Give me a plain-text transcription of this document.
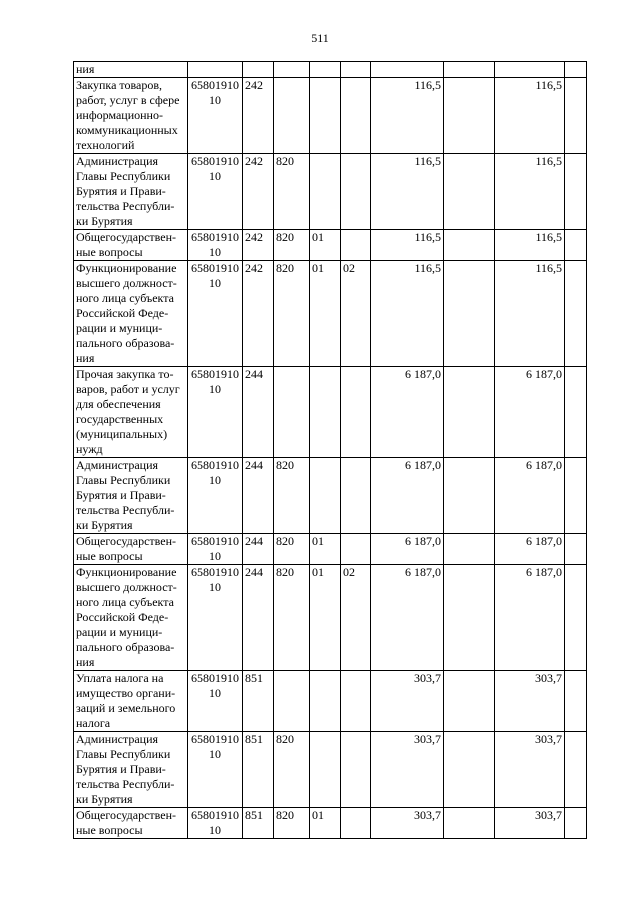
511
ния									
Закупка товаров, работ, услуг в сфере информационно-коммуникационных технологий	65801910 10	242				116,5		116,5	
Администрация Главы Республики Бурятия и Прави-тельства Республи-ки Бурятия	65801910 10	242	820			116,5		116,5	
Общегосударствен-ные вопросы	65801910 10	242	820	01		116,5		116,5	
Функционирование высшего должност-ного лица субъекта Российской Феде-рации и муници-пального образова-ния	65801910 10	242	820	01	02	116,5		116,5	
Прочая закупка то-варов, работ и услуг для обеспечения государственных (муниципальных) нужд	65801910 10	244				6 187,0		6 187,0	
Администрация Главы Республики Бурятия и Прави-тельства Республи-ки Бурятия	65801910 10	244	820			6 187,0		6 187,0	
Общегосударствен-ные вопросы	65801910 10	244	820	01		6 187,0		6 187,0	
Функционирование высшего должност-ного лица субъекта Российской Феде-рации и муници-пального образова-ния	65801910 10	244	820	01	02	6 187,0		6 187,0	
Уплата налога на имущество органи-заций и земельного налога	65801910 10	851				303,7		303,7	
Администрация Главы Республики Бурятия и Прави-тельства Республи-ки Бурятия	65801910 10	851	820			303,7		303,7	
Общегосударствен-ные вопросы	65801910 10	851	820	01		303,7		303,7	
